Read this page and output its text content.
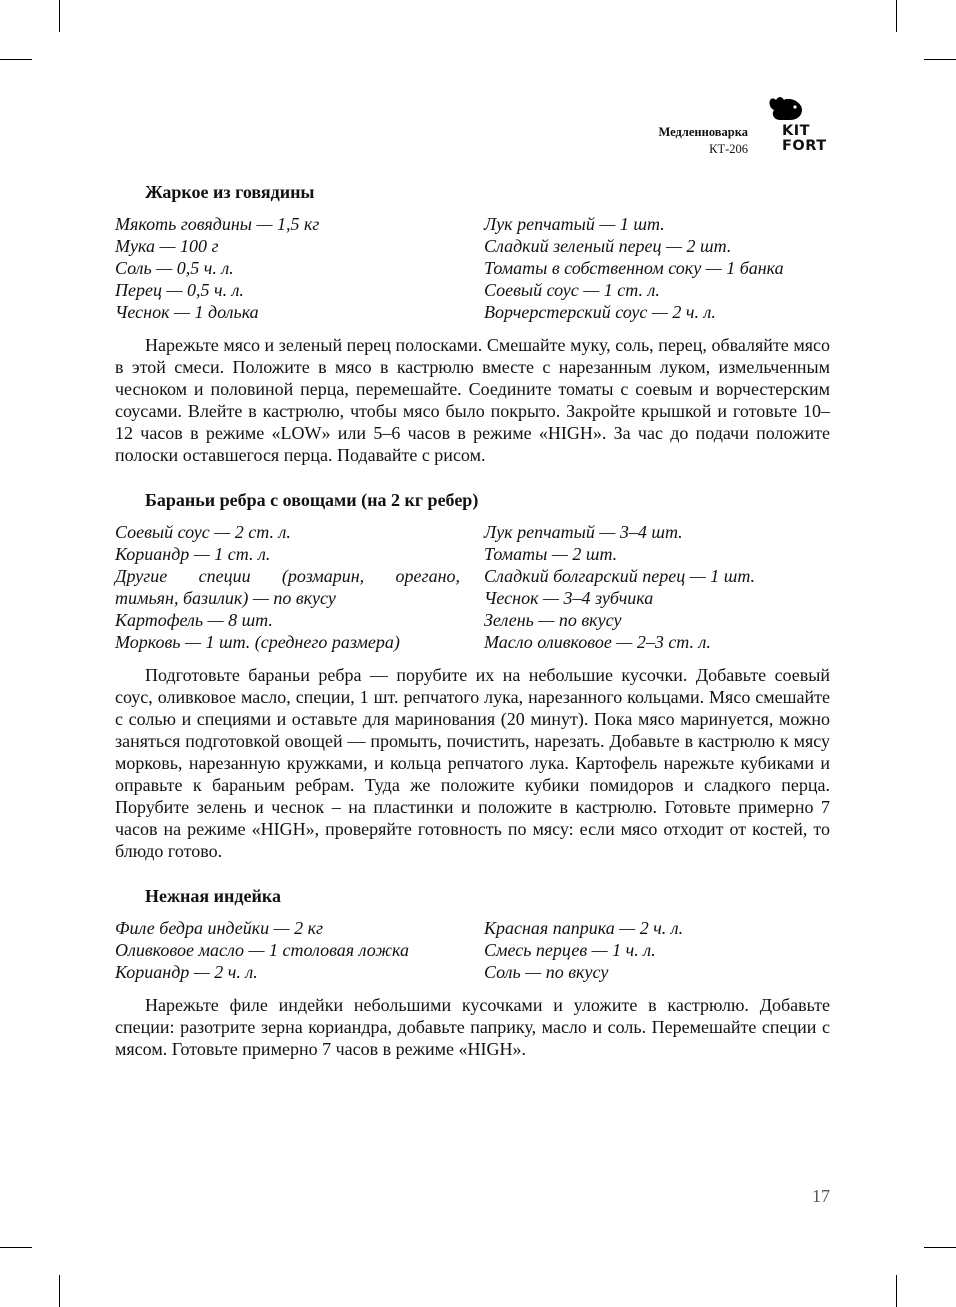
Медленноварка
КТ-206
KIT
FORT
Жаркое из говядины
Мякоть говядины — 1,5 кг
Мука — 100 г
Соль — 0,5 ч. л.
Перец — 0,5 ч. л.
Чеснок — 1 долька
Лук репчатый — 1 шт.
Сладкий зеленый перец — 2 шт.
Томаты в собственном соку — 1 банка
Соевый соус — 1 ст. л.
Ворчерстерский соус — 2 ч. л.
Нарежьте мясо и зеленый перец полосками. Смешайте муку, соль, перец, обваляйте мясо в этой смеси. Положите в мясо в кастрюлю вместе с нарезанным луком, измельченным чесноком и половиной перца, перемешайте. Соедините томаты с соевым и ворчестерским соусами. Влейте в кастрюлю, чтобы мясо было покрыто. Закройте крышкой и готовьте 10–12 часов в режиме «LOW» или 5–6 часов в режиме «HIGH». За час до подачи положите полоски оставшегося перца. Подавайте с рисом.
Бараньи ребра с овощами (на 2 кг ребер)
Соевый соус — 2 ст. л.
Кориандр — 1 ст. л.
Другие специи (розмарин, орегано,
тимьян, базилик) — по вкусу
Картофель — 8 шт.
Морковь — 1 шт. (среднего размера)
Лук репчатый — 3–4 шт.
Томаты — 2 шт.
Сладкий болгарский перец — 1 шт.
Чеснок — 3–4 зубчика
Зелень — по вкусу
Масло оливковое — 2–3 ст. л.
Подготовьте бараньи ребра — порубите их на небольшие кусочки. Добавьте соевый соус, оливковое масло, специи, 1 шт. репчатого лука, нарезанного кольцами. Мясо смешайте с солью и специями и оставьте для маринования (20 минут). Пока мясо маринуется, можно заняться подготовкой овощей — промыть, почистить, нарезать. Добавьте в кастрюлю к мясу морковь, нарезанную кружками, и кольца репчатого лука. Картофель нарежьте кубиками и оправьте к бараньим ребрам. Туда же положите кубики помидоров и сладкого перца. Порубите зелень и чеснок – на пластинки и положите в кастрюлю. Готовьте примерно 7 часов на режиме «HIGH», проверяйте готовность по мясу: если мясо отходит от костей, то блюдо готово.
Нежная индейка
Филе бедра индейки — 2 кг
Оливковое масло — 1 столовая ложка
Кориандр — 2 ч. л.
Красная паприка — 2 ч. л.
Смесь перцев — 1 ч. л.
Соль — по вкусу
Нарежьте филе индейки небольшими кусочками и уложите в кастрюлю. Добавьте специи: разотрите зерна кориандра, добавьте паприку, масло и соль. Перемешайте специи с мясом. Готовьте примерно 7 часов в режиме «HIGH».
17
